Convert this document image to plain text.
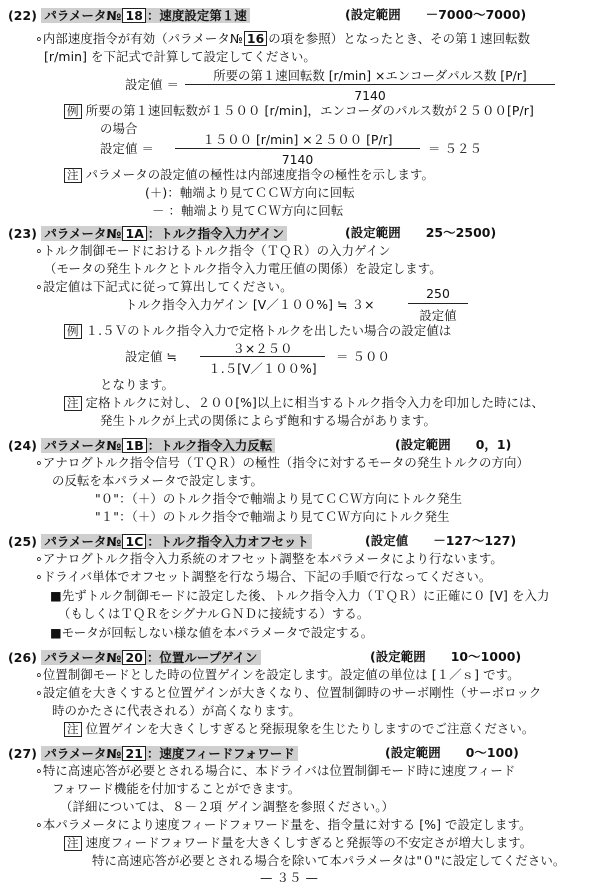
(22) パラメータ№ 18 ：速度設定第１速	(設定範囲　　－7000～7000)
∘内部速度指令が有効（パラメータ№ 16 の項を参照）となったとき、その第１速回転数
[r/min] を下記式で計算して設定してください。
設定値 ＝
所要の第１速回転数 [r/min] ×エンコーダパルス数 [P/r]
7140
例 所要の第１速回転数が１５００ [r/min]，エンコーダのパルス数が２５００[P/r]
の場合
設定値 ＝
１５００ [r/min] ×２５００ [P/r]
7140
＝ ５２５
注 パラメータの設定値の極性は内部速度指令の極性を示します。
(＋)：軸端より見てＣＣＷ方向に回転
－ ：軸端より見てＣＷ方向に回転
(23) パラメータ№ 1A ：トルク指令入力ゲイン	(設定範囲　　25～2500)
∘トルク制御モードにおけるトルク指令（ＴＱＲ）の入力ゲイン
（モータの発生トルクとトルク指令入力電圧値の関係）を設定します。
∘設定値は下記式に従って算出してください。
トルク指令入力ゲイン [V／１００%] ≒ ３×
250
設定値
例 １.５Ｖのトルク指令入力で定格トルクを出したい場合の設定値は
設定値 ≒
３×２５０
１.５[V／１００%]
＝ ５００
となります。
注 定格トルクに対し、２００[%]以上に相当するトルク指令入力を印加した時には、
発生トルクが上式の関係によらず飽和する場合があります。
(24) パラメータ№ 1B ：トルク指令入力反転	(設定範囲　　0，1)
∘アナログトルク指令信号（ＴＱＲ）の極性（指令に対するモータの発生トルクの方向）
の反転を本パラメータで設定します。
"０"：（＋）のトルク指令で軸端より見てＣＣＷ方向にトルク発生
"１"：（＋）のトルク指令で軸端より見てＣＷ方向にトルク発生
(25) パラメータ№ 1C ：トルク指令入力オフセット	(設定値　　－127～127)
∘アナログトルク指令入力系統のオフセット調整を本パラメータにより行ないます。
∘ドライバ単体でオフセット調整を行なう場合、下記の手順で行なってください。
■先ずトルク制御モードに設定した後、トルク指令入力（ＴＱＲ）に正確に０ [V] を入力
（もしくはＴＱＲをシグナルＧＮＤに接続する）する。
■モータが回転しない様な値を本パラメータで設定する。
(26) パラメータ№ 20 ：位置ループゲイン	(設定範囲　　10～1000)
∘位置制御モードとした時の位置ゲインを設定します。設定値の単位は [１／ｓ] です。
∘設定値を大きくすると位置ゲインが大きくなり、位置制御時のサーボ剛性（サーボロック
時のかたさに代表される）が高くなります。
注 位置ゲインを大きくしすぎると発振現象を生じたりしますのでご注意ください。
(27) パラメータ№ 21 ：速度フィードフォワード	(設定範囲　　0～100)
∘特に高速応答が必要とされる場合に、本ドライバは位置制御モード時に速度フィード
フォワード機能を付加することができます。
（詳細については、８－２項 ゲイン調整を参照ください。）
∘本パラメータにより速度フィードフォワード量を、指令量に対する [%] で設定します。
注 速度フィードフォワード量を大きくしすぎると発振等の不安定さが増大します。
特に高速応答が必要とされる場合を除いて本パラメータは"０"に設定してください。
— ３５ —
